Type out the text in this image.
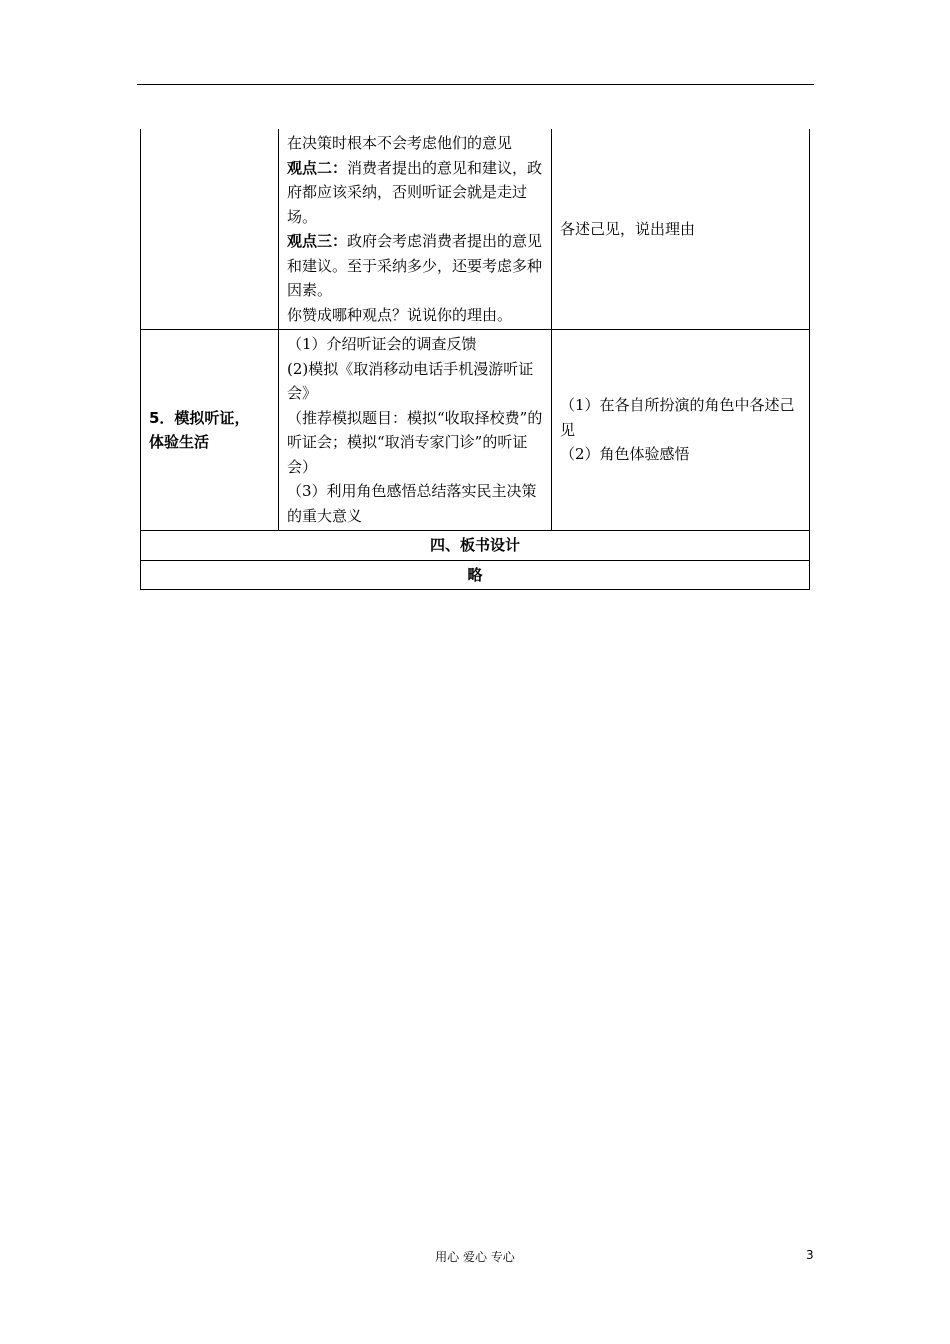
	在决策时根本不会考虑他们的意见
观点二：消费者提出的意见和建议，政府都应该采纳，否则听证会就是走过场。
观点三：政府会考虑消费者提出的意见和建议。至于采纳多少，还要考虑多种因素。
你赞成哪种观点？说说你的理由。	各述己见，说出理由

5．模拟听证，
体验生活	（1）介绍听证会的调查反馈
(2)模拟《取消移动电话手机漫游听证会》
（推荐模拟题目：模拟“收取择校费”的听证会；模拟“取消专家门诊”的听证会）
（3）利用角色感悟总结落实民主决策的重大意义	（1）在各自所扮演的角色中各述己见
（2）角色体验感悟

四、板书设计		
略		
用心 爱心 专心	3
